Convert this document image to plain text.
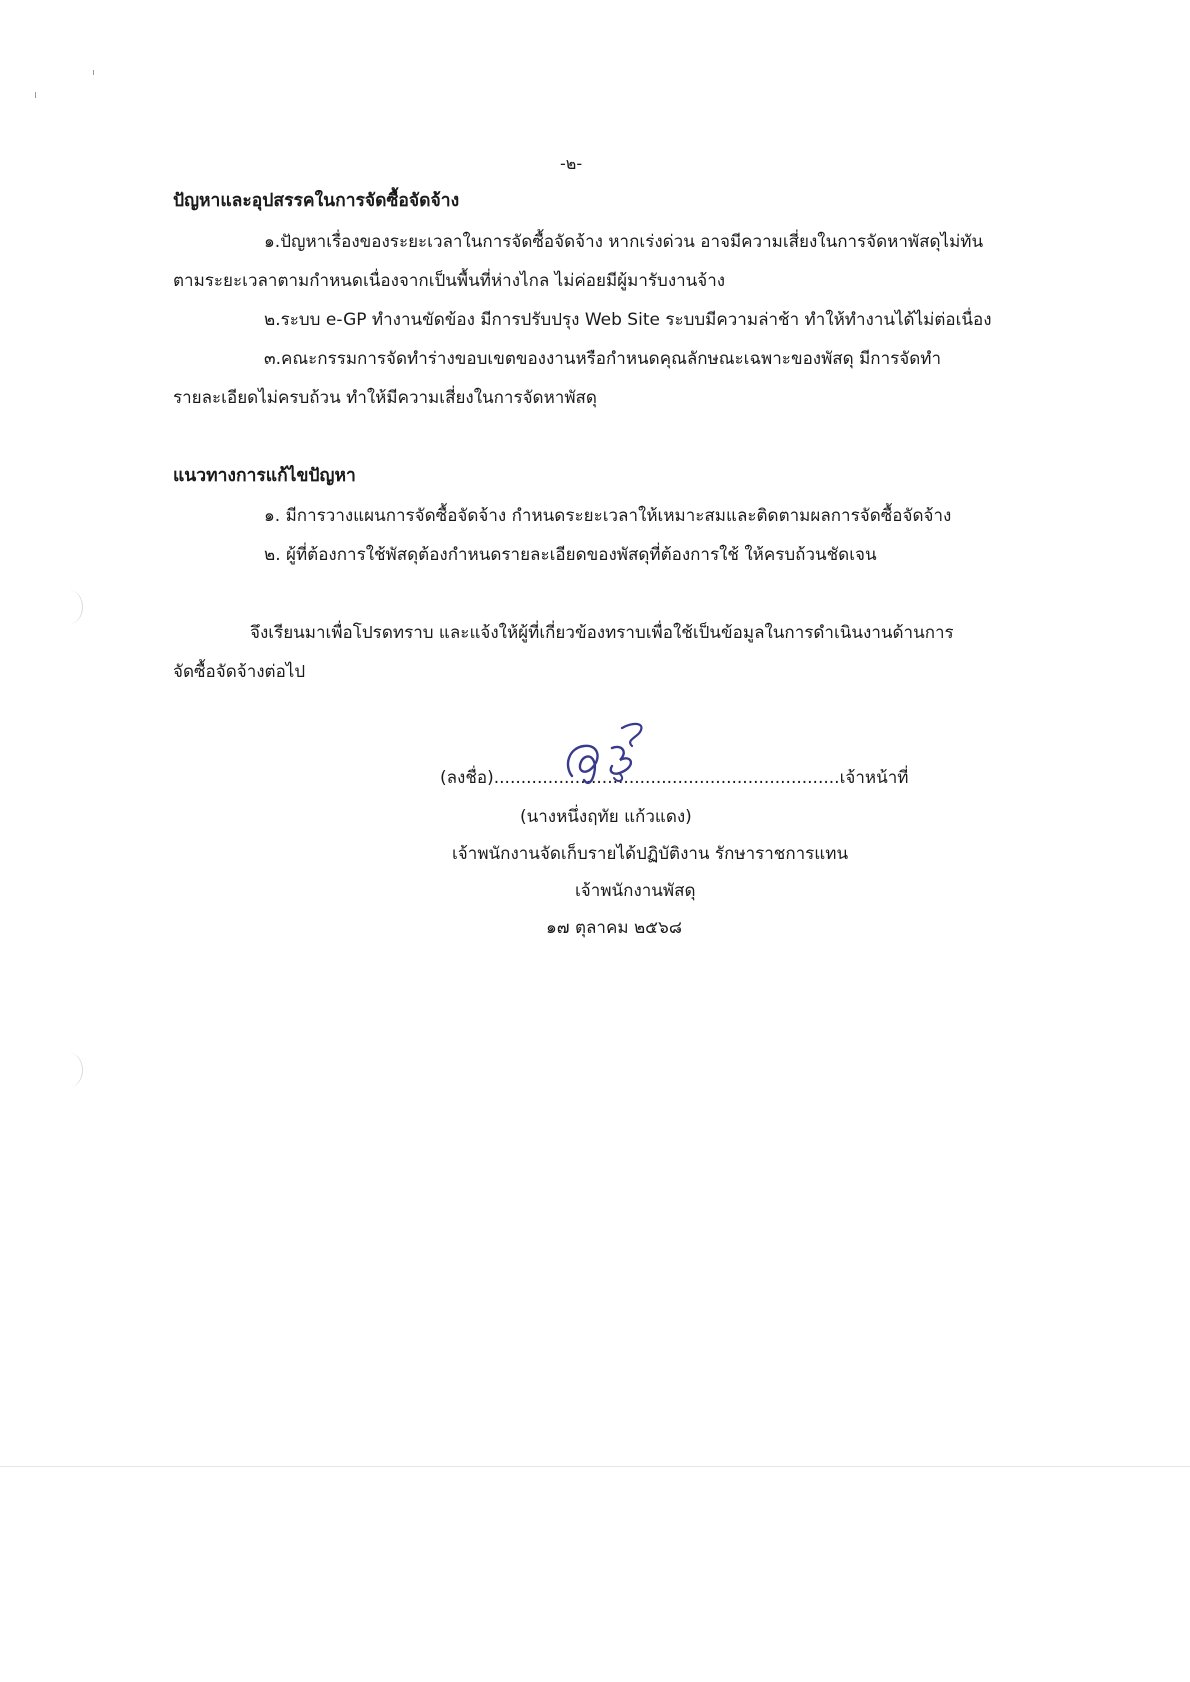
-๒-
ปัญหาและอุปสรรคในการจัดซื้อจัดจ้าง
๑.ปัญหาเรื่องของระยะเวลาในการจัดซื้อจัดจ้าง หากเร่งด่วน อาจมีความเสี่ยงในการจัดหาพัสดุไม่ทัน
ตามระยะเวลาตามกำหนดเนื่องจากเป็นพื้นที่ห่างไกล ไม่ค่อยมีผู้มารับงานจ้าง
๒.ระบบ e-GP ทำงานขัดข้อง มีการปรับปรุง Web Site ระบบมีความล่าช้า ทำให้ทำงานได้ไม่ต่อเนื่อง
๓.คณะกรรมการจัดทำร่างขอบเขตของงานหรือกำหนดคุณลักษณะเฉพาะของพัสดุ มีการจัดทำ
รายละเอียดไม่ครบถ้วน ทำให้มีความเสี่ยงในการจัดหาพัสดุ
แนวทางการแก้ไขปัญหา
๑. มีการวางแผนการจัดซื้อจัดจ้าง กำหนดระยะเวลาให้เหมาะสมและติดตามผลการจัดซื้อจัดจ้าง
๒. ผู้ที่ต้องการใช้พัสดุต้องกำหนดรายละเอียดของพัสดุที่ต้องการใช้ ให้ครบถ้วนชัดเจน
จึงเรียนมาเพื่อโปรดทราบ และแจ้งให้ผู้ที่เกี่ยวข้องทราบเพื่อใช้เป็นข้อมูลในการดำเนินงานด้านการ
จัดซื้อจัดจ้างต่อไป
(ลงชื่อ)................................................................เจ้าหน้าที่
(นางหนึ่งฤทัย แก้วแดง)
เจ้าพนักงานจัดเก็บรายได้ปฏิบัติงาน รักษาราชการแทน
เจ้าพนักงานพัสดุ
๑๗ ตุลาคม ๒๕๖๘
